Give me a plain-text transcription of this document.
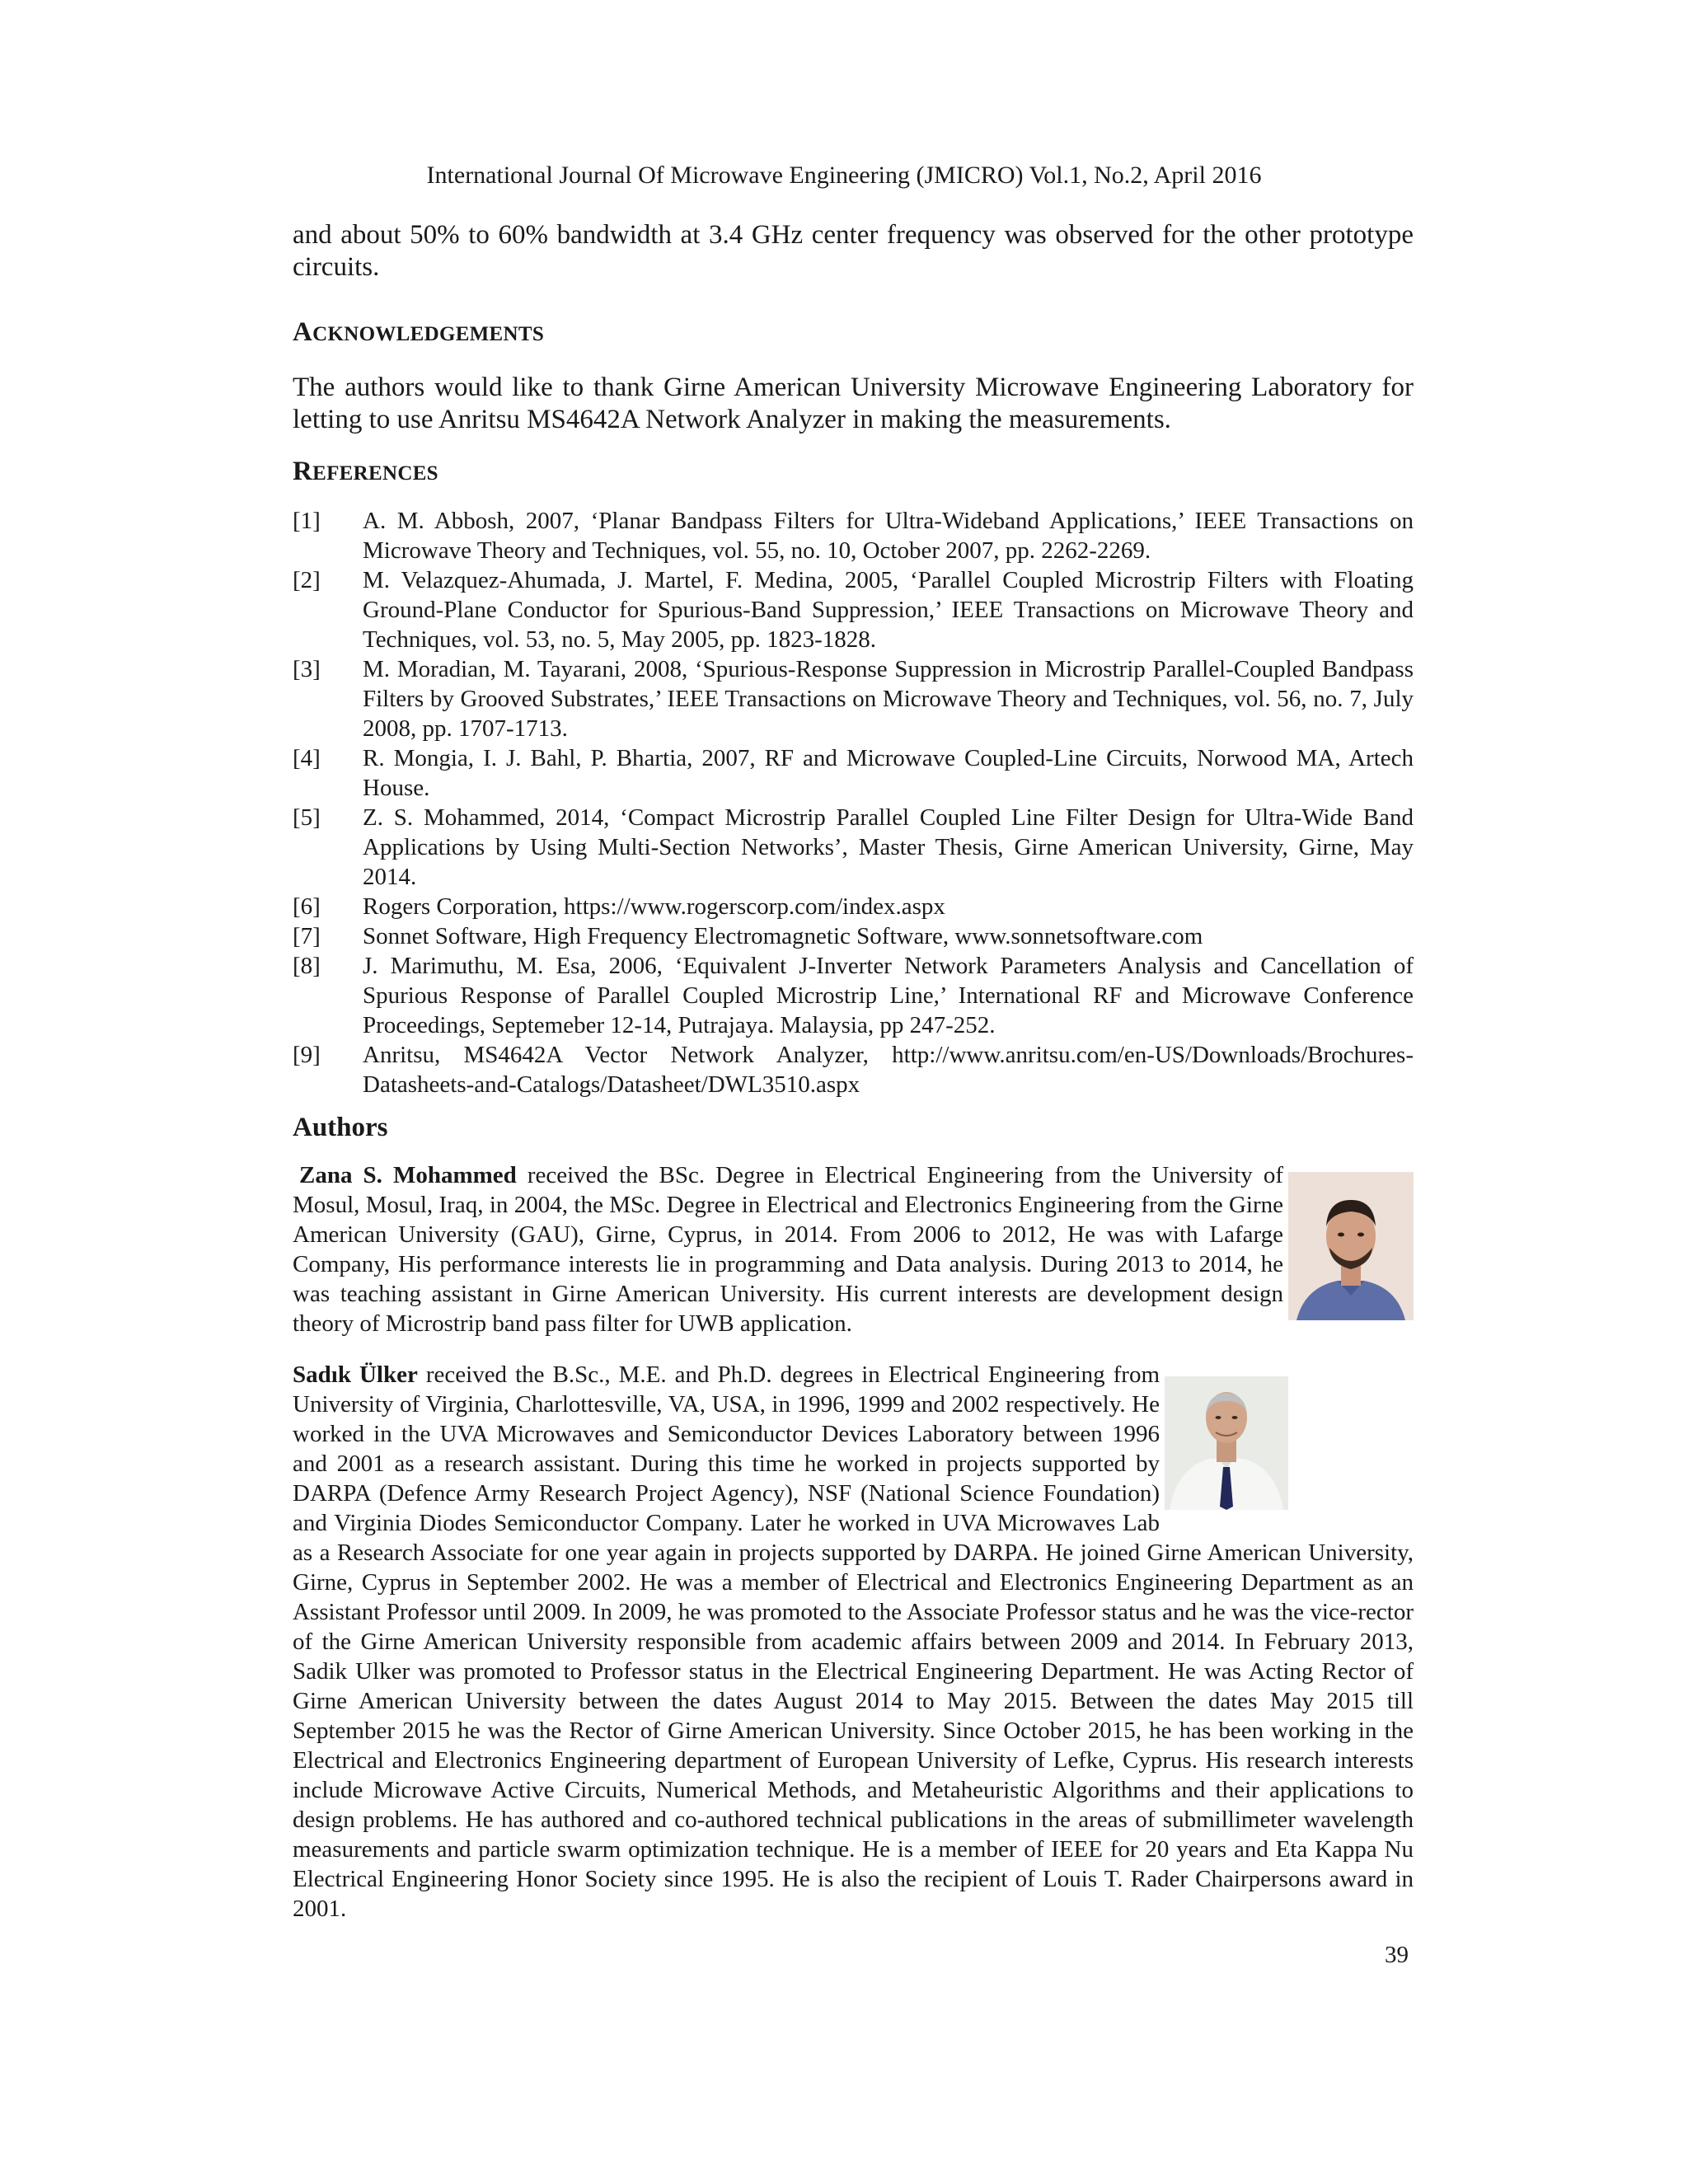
International Journal Of Microwave Engineering (JMICRO) Vol.1, No.2, April 2016

and about 50% to 60% bandwidth at 3.4 GHz center frequency was observed for the other prototype circuits.

ACKNOWLEDGEMENTS

The authors would like to thank Girne American University Microwave Engineering Laboratory for letting to use Anritsu MS4642A Network Analyzer in making the measurements.

REFERENCES
[1] A. M. Abbosh, 2007, ‘Planar Bandpass Filters for Ultra-Wideband Applications,’ IEEE Transactions on Microwave Theory and Techniques, vol. 55, no. 10, October 2007, pp. 2262-2269.
[2] M. Velazquez-Ahumada, J. Martel, F. Medina, 2005, ‘Parallel Coupled Microstrip Filters with Floating Ground-Plane Conductor for Spurious-Band Suppression,’ IEEE Transactions on Microwave Theory and Techniques, vol. 53, no. 5, May 2005, pp. 1823-1828.
[3] M. Moradian, M. Tayarani, 2008, ‘Spurious-Response Suppression in Microstrip Parallel-Coupled Bandpass Filters by Grooved Substrates,’ IEEE Transactions on Microwave Theory and Techniques, vol. 56, no. 7, July 2008, pp. 1707-1713.
[4] R. Mongia, I. J. Bahl, P. Bhartia, 2007, RF and Microwave Coupled-Line Circuits, Norwood MA, Artech House.
[5] Z. S. Mohammed, 2014, ‘Compact Microstrip Parallel Coupled Line Filter Design for Ultra-Wide Band Applications by Using Multi-Section Networks’, Master Thesis, Girne American University, Girne, May 2014.
[6] Rogers Corporation, https://www.rogerscorp.com/index.aspx
[7] Sonnet Software, High Frequency Electromagnetic Software, www.sonnetsoftware.com
[8] J. Marimuthu, M. Esa, 2006, ‘Equivalent J-Inverter Network Parameters Analysis and Cancellation of Spurious Response of Parallel Coupled Microstrip Line,’ International RF and Microwave Conference Proceedings, Septemeber 12-14, Putrajaya. Malaysia, pp 247-252.
[9] Anritsu, MS4642A Vector Network Analyzer, http://www.anritsu.com/en-US/Downloads/Brochures-Datasheets-and-Catalogs/Datasheet/DWL3510.aspx
Authors
Zana S. Mohammed received the BSc. Degree in Electrical Engineering from the University of Mosul, Mosul, Iraq, in 2004, the MSc. Degree in Electrical and Electronics Engineering from the Girne American University (GAU), Girne, Cyprus, in 2014. From 2006 to 2012, He was with Lafarge Company, His performance interests lie in programming and Data analysis. During 2013 to 2014, he was teaching assistant in Girne American University. His current interests are development design theory of Microstrip band pass filter for UWB application.
Sadık Ülker received the B.Sc., M.E. and Ph.D. degrees in Electrical Engineering from University of Virginia, Charlottesville, VA, USA, in 1996, 1999 and 2002 respectively. He worked in the UVA Microwaves and Semiconductor Devices Laboratory between 1996 and 2001 as a research assistant. During this time he worked in projects supported by DARPA (Defence Army Research Project Agency), NSF (National Science Foundation) and Virginia Diodes Semiconductor Company. Later he worked in UVA Microwaves Lab as a Research Associate for one year again in projects supported by DARPA. He joined Girne American University, Girne, Cyprus in September 2002. He was a member of Electrical and Electronics Engineering Department as an Assistant Professor until 2009. In 2009, he was promoted to the Associate Professor status and he was the vice-rector of the Girne American University responsible from academic affairs between 2009 and 2014. In February 2013, Sadik Ulker was promoted to Professor status in the Electrical Engineering Department. He was Acting Rector of Girne American University between the dates August 2014 to May 2015. Between the dates May 2015 till September 2015 he was the Rector of Girne American University. Since October 2015, he has been working in the Electrical and Electronics Engineering department of European University of Lefke, Cyprus. His research interests include Microwave Active Circuits, Numerical Methods, and Metaheuristic Algorithms and their applications to design problems. He has authored and co-authored technical publications in the areas of submillimeter wavelength measurements and particle swarm optimization technique. He is a member of IEEE for 20 years and Eta Kappa Nu Electrical Engineering Honor Society since 1995. He is also the recipient of Louis T. Rader Chairpersons award in 2001.
39
